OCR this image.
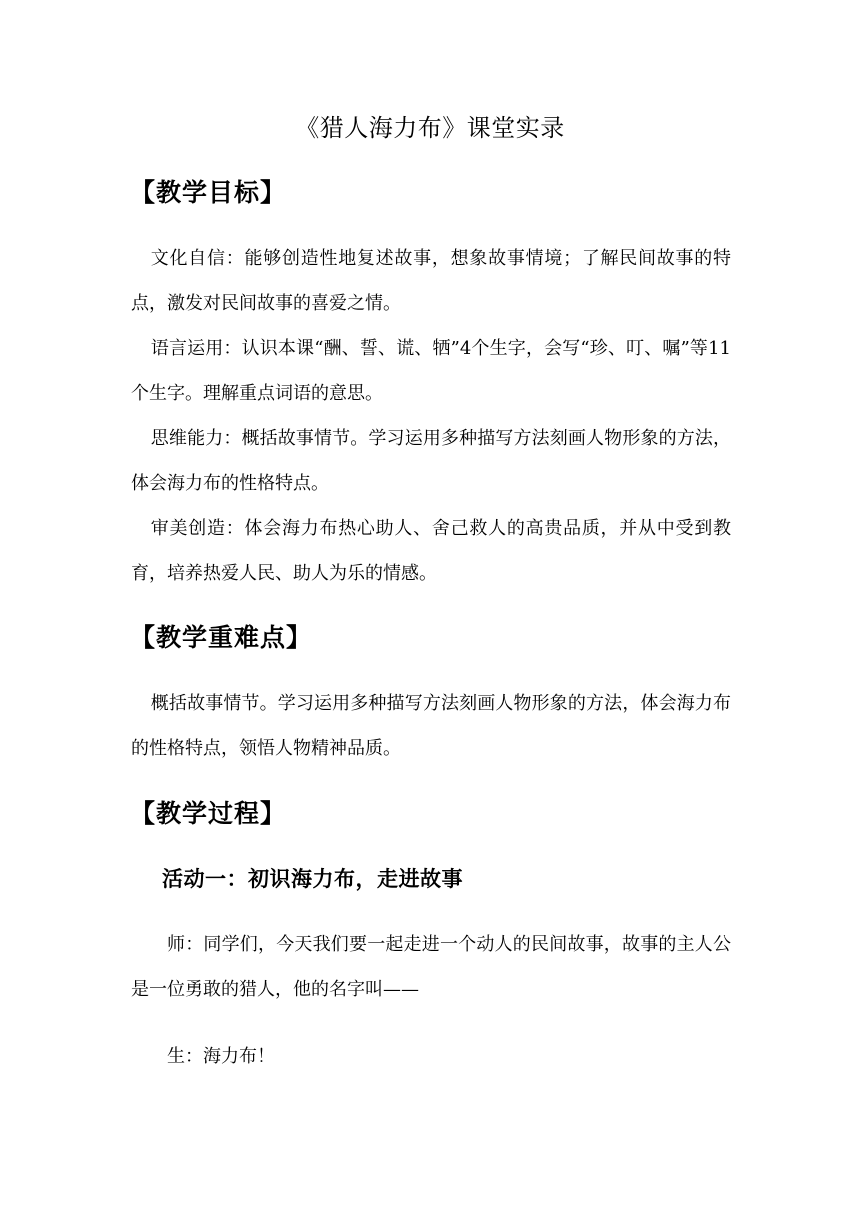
《猎人海力布》课堂实录
【教学目标】
文化自信：能够创造性地复述故事，想象故事情境；了解民间故事的特点，激发对民间故事的喜爱之情。
语言运用：认识本课“酬、誓、谎、牺”4个生字，会写“珍、叮、嘱”等11个生字。理解重点词语的意思。
思维能力：概括故事情节。学习运用多种描写方法刻画人物形象的方法，体会海力布的性格特点。
审美创造：体会海力布热心助人、舍己救人的高贵品质，并从中受到教育，培养热爱人民、助人为乐的情感。
【教学重难点】
概括故事情节。学习运用多种描写方法刻画人物形象的方法，体会海力布的性格特点，领悟人物精神品质。
【教学过程】
活动一：初识海力布，走进故事
师：同学们，今天我们要一起走进一个动人的民间故事，故事的主人公是一位勇敢的猎人，他的名字叫——
生：海力布！
